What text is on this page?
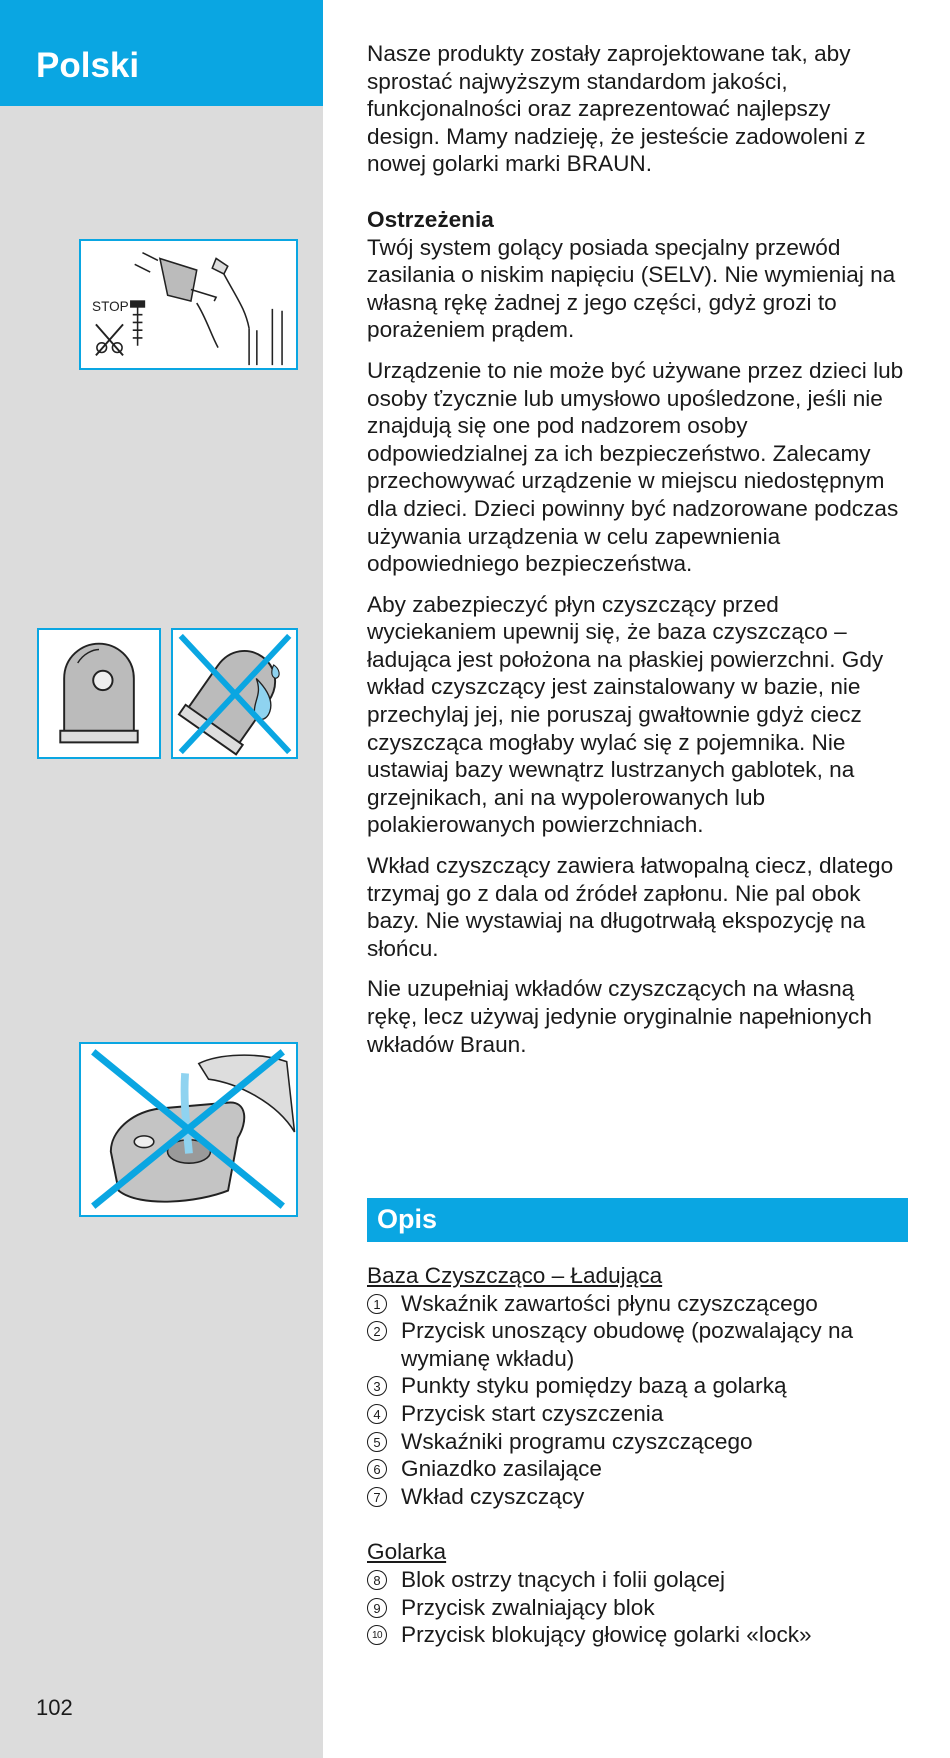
Polski
STOP
102

Nasze produkty zostały zaprojektowane tak, aby sprostać najwyższym standardom jakości, funkcjonalności oraz zaprezentować najlepszy design. Mamy nadzieję, że jesteście zadowoleni z nowej golarki marki BRAUN.

Ostrzeżenia

Twój system golący posiada specjalny przewód zasilania o niskim napięciu (SELV). Nie wymieniaj na własną rękę żadnej z jego części, gdyż grozi to porażeniem prądem.

Urządzenie to nie może być używane przez dzieci lub osoby ťzycznie lub umysłowo upośledzone, jeśli nie znajdują się one pod nadzorem osoby odpowiedzialnej za ich bezpieczeństwo. Zalecamy przechowywać urządzenie w miejscu niedostępnym dla dzieci. Dzieci powinny być nadzorowane podczas używania urządzenia w celu zapewnienia odpowiedniego bezpieczeństwa.

Aby zabezpieczyć płyn czyszczący przed wyciekaniem upewnij się, że baza czyszcząco – ładująca jest położona na płaskiej powierzchni. Gdy wkład czyszczący jest zainstalowany w bazie, nie przechylaj jej, nie poruszaj gwałtownie gdyż ciecz czyszcząca mogłaby wylać się z pojemnika. Nie ustawiaj bazy wewnątrz lustrzanych gablotek, na grzejnikach, ani na wypolerowanych lub polakierowanych powierzchniach.

Wkład czyszczący zawiera łatwopalną ciecz, dlatego trzymaj go z dala od źródeł zapłonu. Nie pal obok bazy. Nie wystawiaj na długotrwałą ekspozycję na słońcu.

Nie uzupełniaj wkładów czyszczących na własną rękę, lecz używaj jedynie oryginalnie napełnionych wkładów Braun.

Opis
Baza Czyszcząco – Ładująca
1 Wskaźnik zawartości płynu czyszczącego
2 Przycisk unoszący obudowę (pozwalający na wymianę wkładu)
3 Punkty styku pomiędzy bazą a golarką
4 Przycisk start czyszczenia
5 Wskaźniki programu czyszczącego
6 Gniazdko zasilające
7 Wkład czyszczący
Golarka
8 Blok ostrzy tnących i folii golącej
9 Przycisk zwalniający blok
10 Przycisk blokujący głowicę golarki «lock»
